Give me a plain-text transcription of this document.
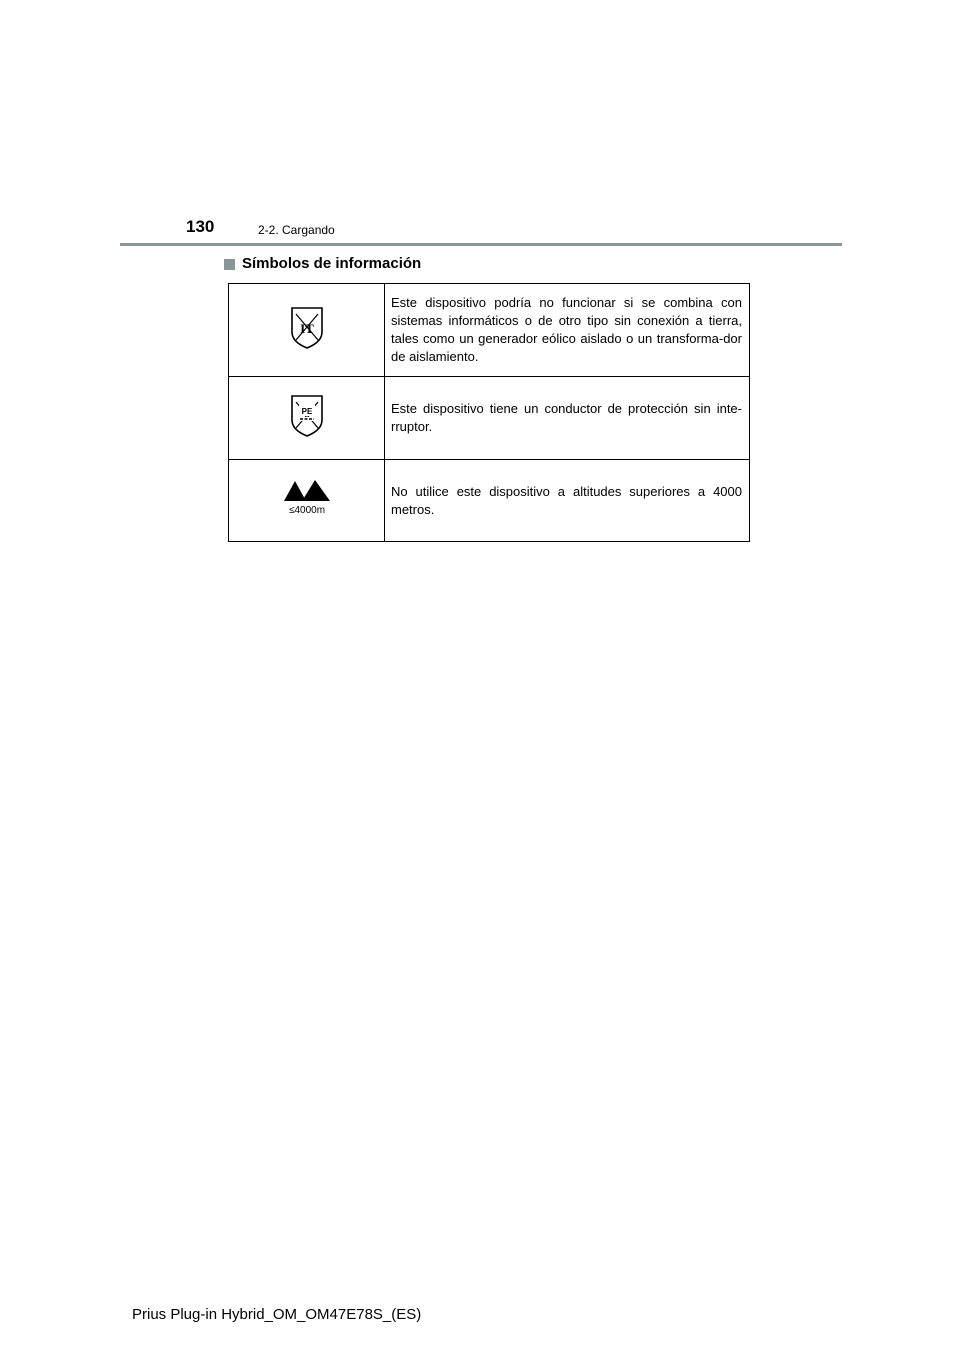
130	2-2. Cargando
Símbolos de información
IT	Este dispositivo podría no funcionar si se combina con sistemas informáticos o de otro tipo sin conexión a tierra, tales como un generador eólico aislado o un transforma-dor de aislamiento.

PE	Este dispositivo tiene un conductor de protección sin inte-rruptor.

≤4000m	No utilice este dispositivo a altitudes superiores a 4000 metros.
Prius Plug-in Hybrid_OM_OM47E78S_(ES)
